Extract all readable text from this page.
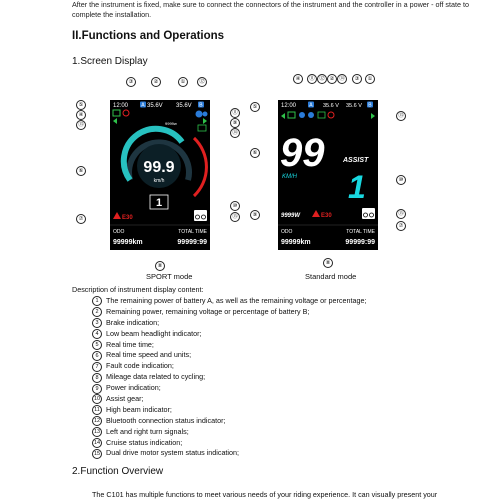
After the instrument is fixed, make sure to connect the connectors of the instrument and the controller in a power - off state to complete the installation.
II.Functions and Operations
1.Screen Display
12:00	A 35.6V 35.6V B
9999w
99.9
km/h
1
E30
ODO	TOTAL TIME
99999km	99999:99
12:00	A 35.6 V 35.6 V B
99	ASSIST
KM/H 1
9999W	E30
ODO	TOTAL TIME
99999km	99999:99
③	②	①	⑫
⑤
④
⑬
⑥
⑦
⑪
⑨
⑭
⑩
⑮
⑧
④	⑪ ⑫ ② ⑭	③	①
⑤
⑥
⑨
⑬
⑩
⑮
⑦
⑧
SPORT mode	Standard mode
Description of instrument display content:
1	The remaining power of battery A, as well as the remaining voltage or percentage;
2	Remaining power, remaining voltage or percentage of battery B;
3	Brake indication;
4	Low beam headlight indicator;
5	Real time time;
6	Real time speed and units;
7	Fault code indication;
8	Mileage data related to cycling;
9	Power indication;
10 Assist gear;
11 High beam indicator;
12 Bluetooth connection status indicator;
13 Left and right turn signals;
14 Cruise status indication;
15 Dual drive motor system status indication;
2.Function Overview
The C101 has multiple functions to meet various needs of your riding experience. It can visually present your
